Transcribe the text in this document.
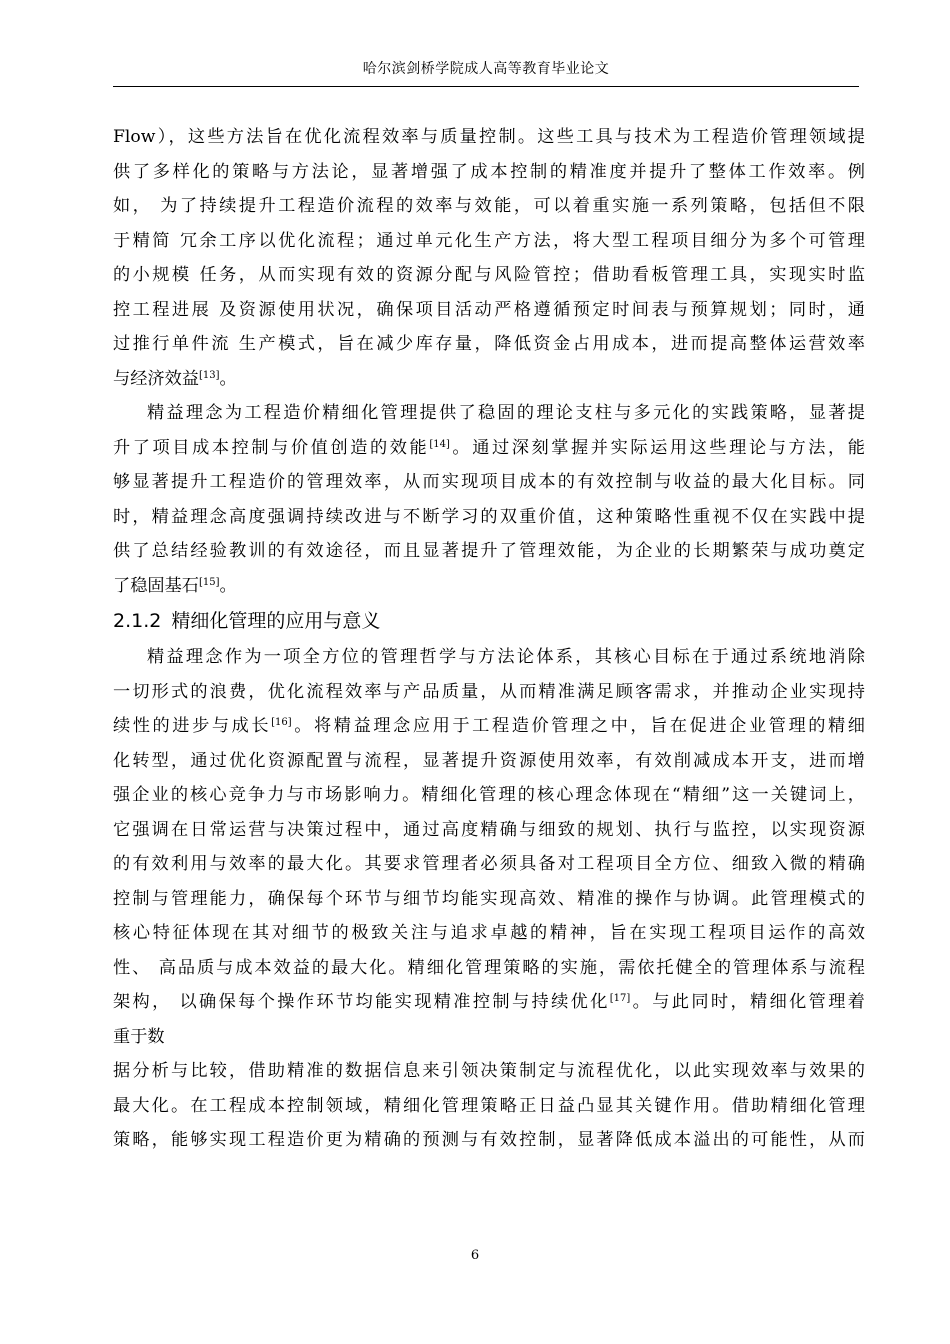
哈尔滨剑桥学院成人高等教育毕业论文
Flow），这些方法旨在优化流程效率与质量控制。这些工具与技术为工程造价管理领域提
供了多样化的策略与方法论，显著增强了成本控制的精准度并提升了整体工作效率。例
如， 为了持续提升工程造价流程的效率与效能，可以着重实施一系列策略，包括但不限
于精简 冗余工序以优化流程；通过单元化生产方法，将大型工程项目细分为多个可管理
的小规模 任务，从而实现有效的资源分配与风险管控；借助看板管理工具，实现实时监
控工程进展 及资源使用状况，确保项目活动严格遵循预定时间表与预算规划；同时，通
过推行单件流 生产模式，旨在减少库存量，降低资金占用成本，进而提高整体运营效率
与经济效益[13]。
精益理念为工程造价精细化管理提供了稳固的理论支柱与多元化的实践策略，显著提
升了项目成本控制与价值创造的效能[14]。通过深刻掌握并实际运用这些理论与方法，能
够显著提升工程造价的管理效率，从而实现项目成本的有效控制与收益的最大化目标。同
时，精益理念高度强调持续改进与不断学习的双重价值，这种策略性重视不仅在实践中提
供了总结经验教训的有效途径，而且显著提升了管理效能，为企业的长期繁荣与成功奠定
了稳固基石[15]。
2.1.2 精细化管理的应用与意义
精益理念作为一项全方位的管理哲学与方法论体系，其核心目标在于通过系统地消除
一切形式的浪费，优化流程效率与产品质量，从而精准满足顾客需求，并推动企业实现持
续性的进步与成长[16]。将精益理念应用于工程造价管理之中，旨在促进企业管理的精细
化转型，通过优化资源配置与流程，显著提升资源使用效率，有效削减成本开支，进而增
强企业的核心竞争力与市场影响力。精细化管理的核心理念体现在“精细”这一关键词上，
它强调在日常运营与决策过程中，通过高度精确与细致的规划、执行与监控，以实现资源
的有效利用与效率的最大化。其要求管理者必须具备对工程项目全方位、细致入微的精确
控制与管理能力，确保每个环节与细节均能实现高效、精准的操作与协调。此管理模式的
核心特征体现在其对细节的极致关注与追求卓越的精神，旨在实现工程项目运作的高效
性、 高品质与成本效益的最大化。精细化管理策略的实施，需依托健全的管理体系与流程
架构， 以确保每个操作环节均能实现精准控制与持续优化[17]。与此同时，精细化管理着
重于数
据分析与比较，借助精准的数据信息来引领决策制定与流程优化，以此实现效率与效果的
最大化。在工程成本控制领域，精细化管理策略正日益凸显其关键作用。借助精细化管理
策略，能够实现工程造价更为精确的预测与有效控制，显著降低成本溢出的可能性，从而
6
